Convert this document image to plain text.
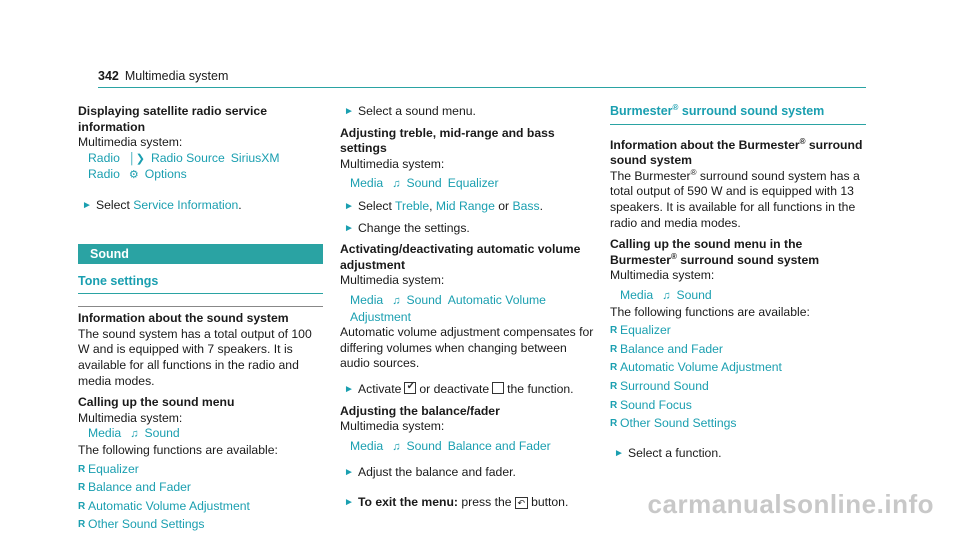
342 Multimedia system

Displaying satellite radio service information

Multimedia system:

Radio │❯ Radio Source SiriusXM
Radio ⚙ Options

► Select Service Information.

Sound
Tone settings

Information about the sound system

The sound system has a total output of 100 W and is equipped with 7 speakers. It is available for all functions in the radio and media modes.

Calling up the sound menu

Multimedia system:

Media ♫ Sound

The following functions are available:

R Equalizer
R Balance and Fader
R Automatic Volume Adjustment
R Other Sound Settings

► Select a sound menu.

Adjusting treble, mid-range and bass settings

Multimedia system:

Media ♫ Sound Equalizer

► Select Treble, Mid Range or Bass.

► Change the settings.

Activating/deactivating automatic volume adjustment

Multimedia system:

Media ♫ Sound Automatic Volume Adjustment

Automatic volume adjustment compensates for differing volumes when changing between audio sources.

► Activate✓ or deactivate the function.

Adjusting the balance/fader

Multimedia system:

Media ♫ Sound Balance and Fader

► Adjust the balance and fader.

► To exit the menu: press the ↶ button.

Burmester® surround sound system

Information about the Burmester® surround sound system

The Burmester® surround sound system has a total output of 590 W and is equipped with 13 speakers. It is available for all functions in the radio and media modes.

Calling up the sound menu in the Burmester® surround sound system

Multimedia system:

Media ♫ Sound

The following functions are available:

R Equalizer
R Balance and Fader
R Automatic Volume Adjustment
R Surround Sound
R Sound Focus
R Other Sound Settings

► Select a function.

carmanualsonline.info
